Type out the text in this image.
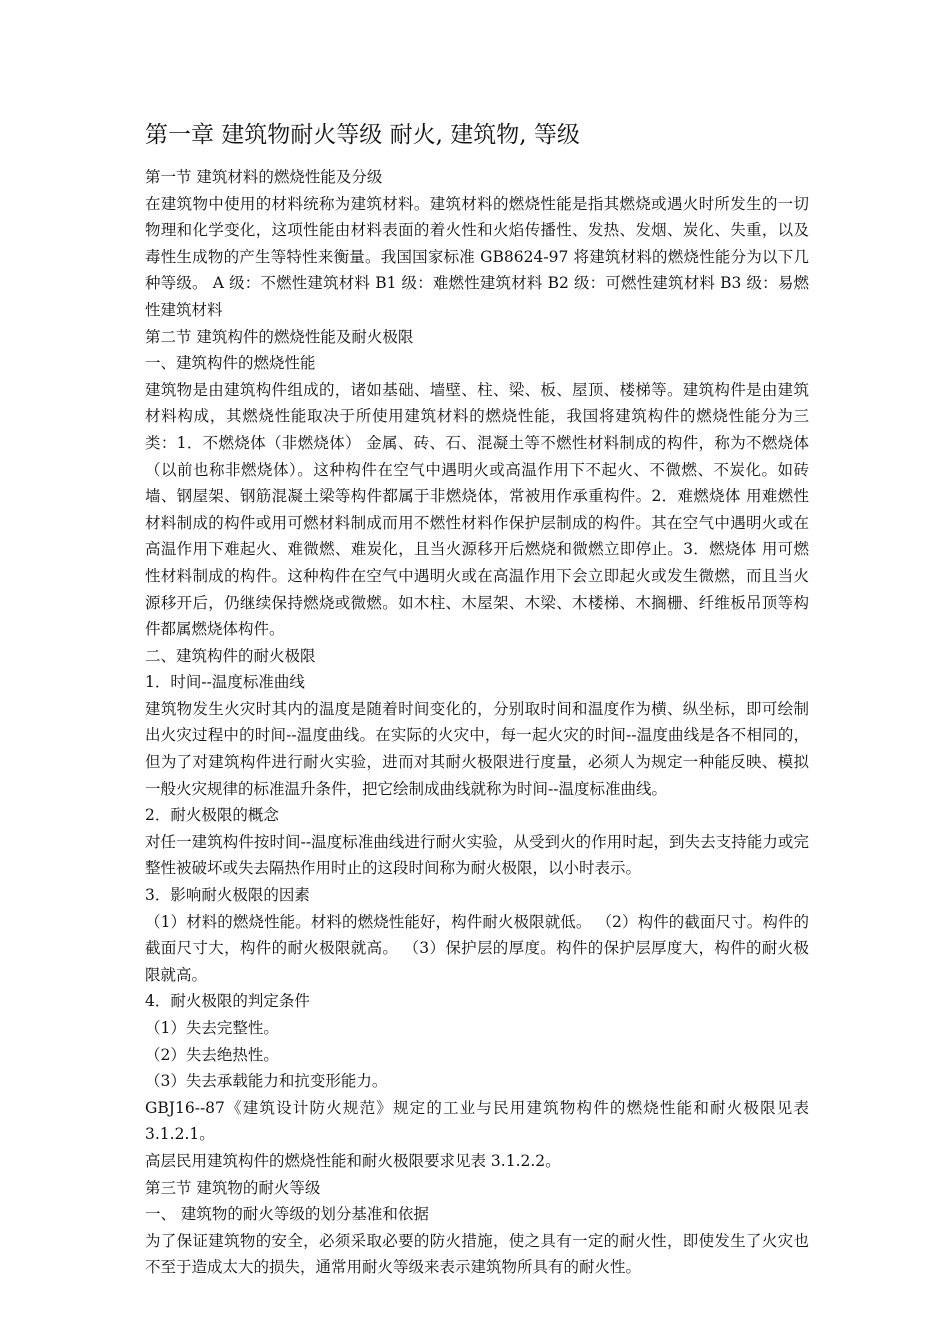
第一章 建筑物耐火等级 耐火, 建筑物, 等级

第一节 建筑材料的燃烧性能及分级

在建筑物中使用的材料统称为建筑材料。建筑材料的燃烧性能是指其燃烧或遇火时所发生的一切物理和化学变化，这项性能由材料表面的着火性和火焰传播性、发热、发烟、炭化、失重，以及毒性生成物的产生等特性来衡量。我国国家标准 GB8624-97 将建筑材料的燃烧性能分为以下几种等级。 A 级：不燃性建筑材料 B1 级：难燃性建筑材料 B2 级：可燃性建筑材料 B3 级：易燃性建筑材料

第二节 建筑构件的燃烧性能及耐火极限

一、建筑构件的燃烧性能

建筑物是由建筑构件组成的，诸如基础、墙壁、柱、梁、板、屋顶、楼梯等。建筑构件是由建筑材料构成，其燃烧性能取决于所使用建筑材料的燃烧性能，我国将建筑构件的燃烧性能分为三类：1．不燃烧体（非燃烧体） 金属、砖、石、混凝土等不燃性材料制成的构件，称为不燃烧体（以前也称非燃烧体）。这种构件在空气中遇明火或高温作用下不起火、不微燃、不炭化。如砖墙、钢屋架、钢筋混凝土梁等构件都属于非燃烧体，常被用作承重构件。2．难燃烧体 用难燃性材料制成的构件或用可燃材料制成而用不燃性材料作保护层制成的构件。其在空气中遇明火或在高温作用下难起火、难微燃、难炭化，且当火源移开后燃烧和微燃立即停止。3．燃烧体 用可燃性材料制成的构件。这种构件在空气中遇明火或在高温作用下会立即起火或发生微燃，而且当火源移开后，仍继续保持燃烧或微燃。如木柱、木屋架、木梁、木楼梯、木搁栅、纤维板吊顶等构件都属燃烧体构件。

二、建筑构件的耐火极限

1．时间--温度标准曲线

建筑物发生火灾时其内的温度是随着时间变化的，分别取时间和温度作为横、纵坐标，即可绘制出火灾过程中的时间--温度曲线。在实际的火灾中，每一起火灾的时间--温度曲线是各不相同的，但为了对建筑构件进行耐火实验，进而对其耐火极限进行度量，必须人为规定一种能反映、模拟一般火灾规律的标准温升条件，把它绘制成曲线就称为时间--温度标准曲线。

2．耐火极限的概念

对任一建筑构件按时间--温度标准曲线进行耐火实验，从受到火的作用时起，到失去支持能力或完整性被破坏或失去隔热作用时止的这段时间称为耐火极限，以小时表示。

3．影响耐火极限的因素

（1）材料的燃烧性能。材料的燃烧性能好，构件耐火极限就低。 （2）构件的截面尺寸。构件的截面尺寸大，构件的耐火极限就高。 （3）保护层的厚度。构件的保护层厚度大，构件的耐火极限就高。

4．耐火极限的判定条件

（1）失去完整性。

（2）失去绝热性。

（3）失去承载能力和抗变形能力。

GBJ16--87《建筑设计防火规范》规定的工业与民用建筑物构件的燃烧性能和耐火极限见表 3.1.2.1。

高层民用建筑构件的燃烧性能和耐火极限要求见表 3.1.2.2。

第三节 建筑物的耐火等级

一、 建筑物的耐火等级的划分基准和依据

为了保证建筑物的安全，必须采取必要的防火措施，使之具有一定的耐火性，即使发生了火灾也不至于造成太大的损失，通常用耐火等级来表示建筑物所具有的耐火性。
